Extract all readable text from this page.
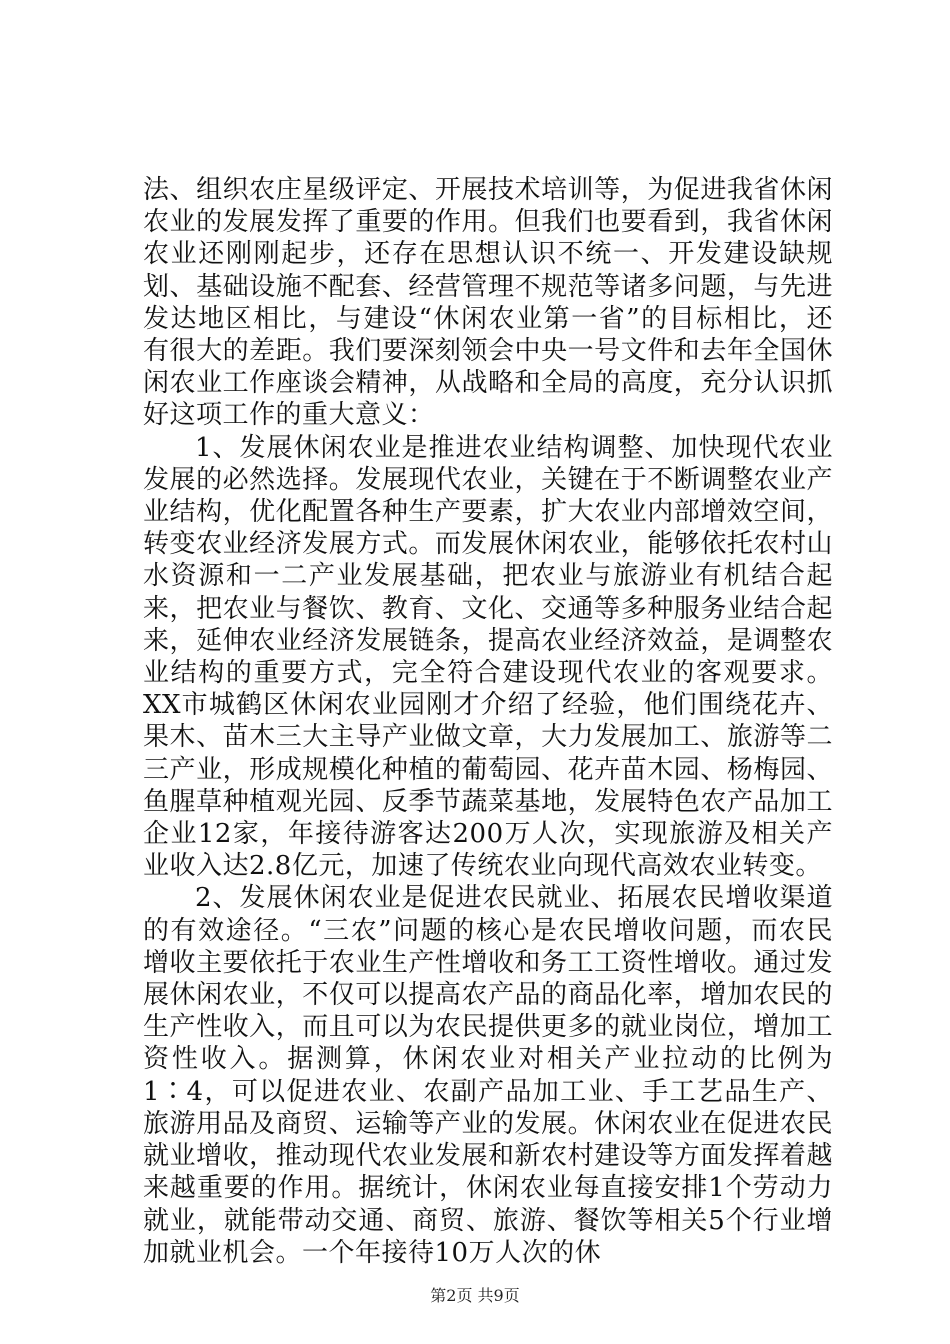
法、组织农庄星级评定、开展技术培训等，为促进我省休闲农业的发展发挥了重要的作用。但我们也要看到，我省休闲农业还刚刚起步，还存在思想认识不统一、开发建设缺规划、基础设施不配套、经营管理不规范等诸多问题，与先进发达地区相比，与建设“休闲农业第一省”的目标相比，还有很大的差距。我们要深刻领会中央一号文件和去年全国休闲农业工作座谈会精神，从战略和全局的高度，充分认识抓好这项工作的重大意义：

1、发展休闲农业是推进农业结构调整、加快现代农业发展的必然选择。发展现代农业，关键在于不断调整农业产业结构，优化配置各种生产要素，扩大农业内部增效空间，转变农业经济发展方式。而发展休闲农业，能够依托农村山水资源和一二产业发展基础，把农业与旅游业有机结合起来，把农业与餐饮、教育、文化、交通等多种服务业结合起来，延伸农业经济发展链条，提高农业经济效益，是调整农业结构的重要方式，完全符合建设现代农业的客观要求。XX市城鹤区休闲农业园刚才介绍了经验，他们围绕花卉、果木、苗木三大主导产业做文章，大力发展加工、旅游等二三产业，形成规模化种植的葡萄园、花卉苗木园、杨梅园、鱼腥草种植观光园、反季节蔬菜基地，发展特色农产品加工企业12家，年接待游客达200万人次，实现旅游及相关产业收入达2.8亿元，加速了传统农业向现代高效农业转变。

2、发展休闲农业是促进农民就业、拓展农民增收渠道的有效途径。“三农”问题的核心是农民增收问题，而农民增收主要依托于农业生产性增收和务工工资性增收。通过发展休闲农业，不仅可以提高农产品的商品化率，增加农民的生产性收入，而且可以为农民提供更多的就业岗位，增加工资性收入。据测算，休闲农业对相关产业拉动的比例为1∶4，可以促进农业、农副产品加工业、手工艺品生产、旅游用品及商贸、运输等产业的发展。休闲农业在促进农民就业增收，推动现代农业发展和新农村建设等方面发挥着越来越重要的作用。据统计，休闲农业每直接安排1个劳动力就业，就能带动交通、商贸、旅游、餐饮等相关5个行业增加就业机会。一个年接待10万人次的休

第2页 共9页
